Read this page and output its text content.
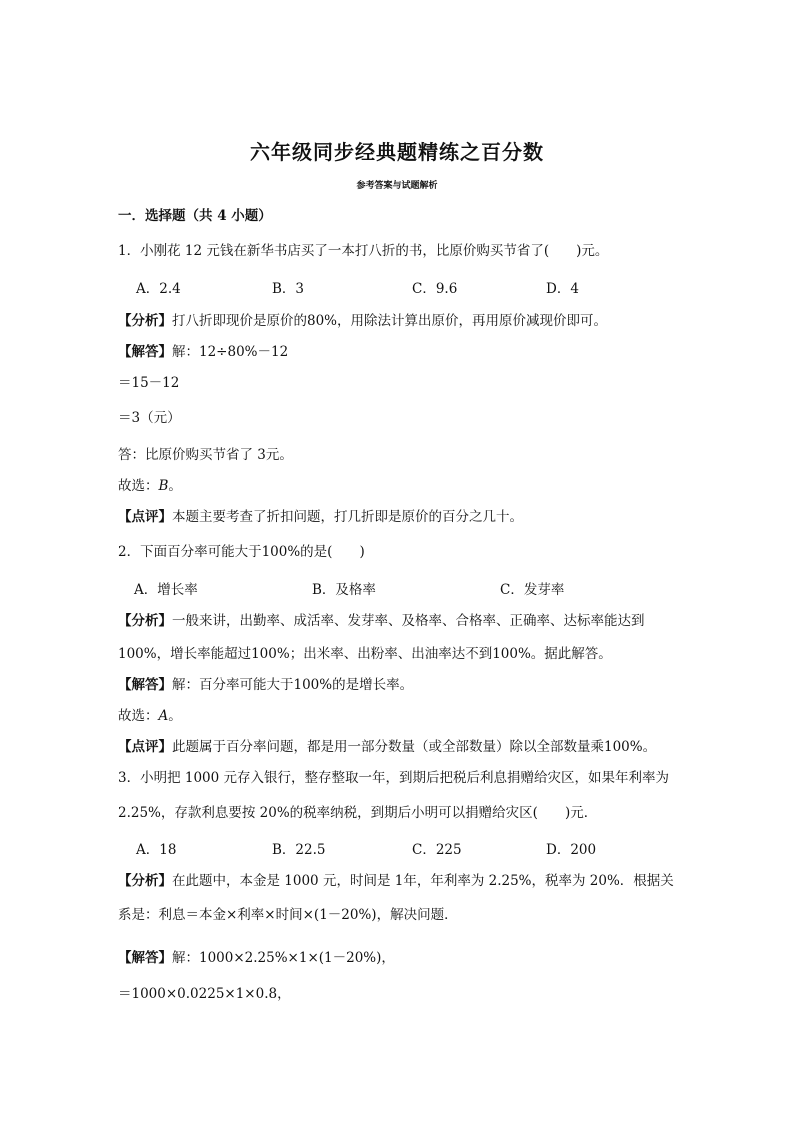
六年级同步经典题精练之百分数
参考答案与试题解析
一．选择题（共 4 小题）
1．小刚花 12 元钱在新华书店买了一本打八折的书，比原价购买节省了(　　)元。
A．2.4	B．3	C．9.6	D．4
【分析】打八折即现价是原价的80%，用除法计算出原价，再用原价减现价即可。
【解答】解：12÷80%－12
＝15－12
＝3（元）
答：比原价购买节省了 3元。
故选：B。
【点评】本题主要考查了折扣问题，打几折即是原价的百分之几十。
2．下面百分率可能大于100%的是(　　)
A．增长率	B．及格率	C．发芽率
【分析】一般来讲，出勤率、成活率、发芽率、及格率、合格率、正确率、达标率能达到
100%，增长率能超过100%；出米率、出粉率、出油率达不到100%。据此解答。
【解答】解：百分率可能大于100%的是增长率。
故选：A。
【点评】此题属于百分率问题，都是用一部分数量（或全部数量）除以全部数量乘100%。
3．小明把 1000 元存入银行，整存整取一年，到期后把税后利息捐赠给灾区，如果年利率为
2.25%，存款利息要按 20%的税率纳税，到期后小明可以捐赠给灾区(　　)元．
A．18	B．22.5	C．225	D．200
【分析】在此题中，本金是 1000 元，时间是 1年，年利率为 2.25%，税率为 20%．根据关
系是：利息＝本金×利率×时间×(1－20%)，解决问题．
【解答】解：1000×2.25%×1×(1－20%)，
＝1000×0.0225×1×0.8，
